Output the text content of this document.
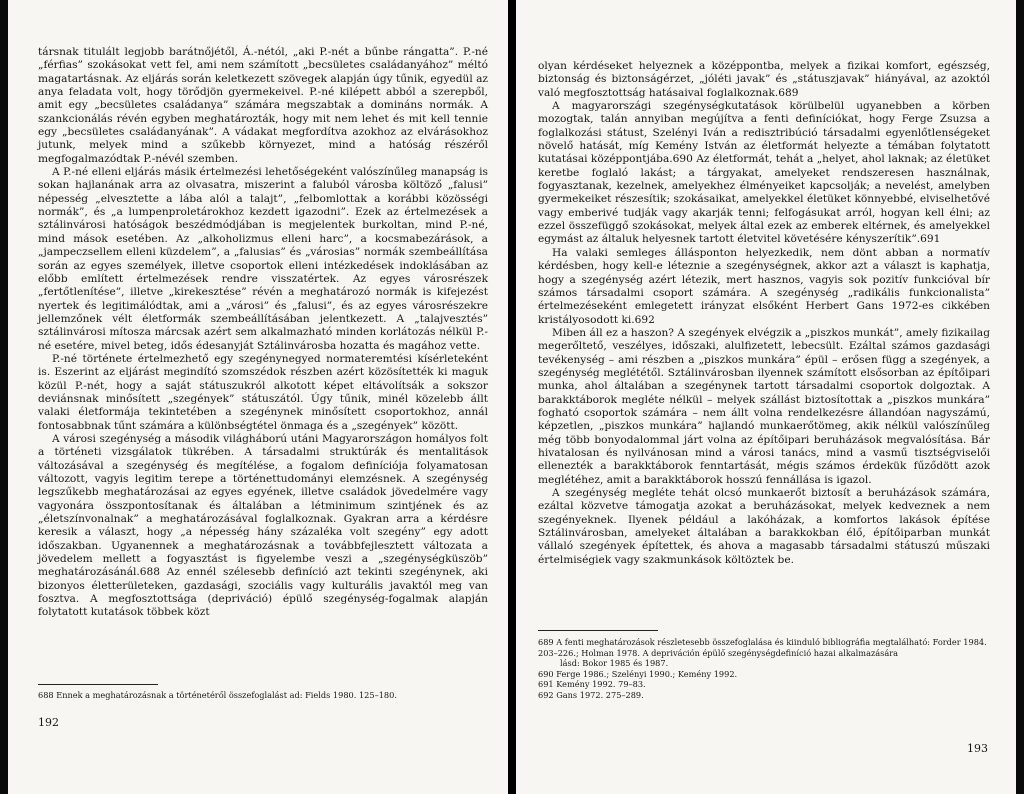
társnak titulált legjobb barátnőjétől, Á.-nétól, „aki P.-nét a bűnbe rángatta”. P.-né „férfias” szokásokat vett fel, ami nem számított „becsületes családanyához” méltó magatartásnak. Az eljárás során keletkezett szövegek alapján úgy tűnik, egyedül az anya feladata volt, hogy törődjön gyermekeivel. P.-né kilépett abból a szerepből, amit egy „becsületes családanya” számára megszabtak a domináns normák. A szankcionálás révén egyben meghatározták, hogy mit nem lehet és mit kell tennie egy „becsületes családanyának”. A vádakat megfordítva azokhoz az elvárásokhoz jutunk, melyek mind a szűkebb környezet, mind a hatóság részéről megfogalmazódtak P.-névél szemben.

A P.-né elleni eljárás másik értelmezési lehetőségeként valószínűleg manapság is sokan hajlanának arra az olvasatra, miszerint a faluból városba költöző „falusi” népesség „elvesztette a lába alól a talajt”, „felbomlottak a korábbi közösségi normák”, és „a lumpenproletárokhoz kezdett igazodni”. Ezek az értelmezések a sztálinvárosi hatóságok beszédmódjában is megjelentek burkoltan, mind P.-né, mind mások esetében. Az „alkoholizmus elleni harc”, a kocsmabezárások, a „jampeczsellem elleni küzdelem”, a „falusias” és „városias” normák szembeállítása során az egyes személyek, illetve csoportok elleni intézkedések indoklásában az előbb említett értelmezések rendre visszatértek. Az egyes városrészek „fertőtlenítése”, illetve „kirekesztése” révén a meghatározó normák is kifejezést nyertek és legitimálódtak, ami a „városi” és „falusi”, és az egyes városrészekre jellemzőnek vélt életformák szembeállításában jelentkezett. A „talajvesztés” sztálinvárosi mítosza márcsak azért sem alkalmazható minden korlátozás nélkül P.-né esetére, mivel beteg, idős édesanyját Sztálinvárosba hozatta és magához vette.

P.-né története értelmezhető egy szegénynegyed normateremtési kísérleteként is. Eszerint az eljárást megindító szomszédok részben azért közösítették ki maguk közül P.-nét, hogy a saját státuszukról alkotott képet eltávolítsák a sokszor deviánsnak minősített „szegények” státuszától. Úgy tűnik, minél közelebb állt valaki életformája tekintetében a szegénynek minősített csoportokhoz, annál fontosabbnak tűnt számára a különbségtétel önmaga és a „szegények” között.

A városi szegénység a második világháború utáni Magyarországon homályos folt a történeti vizsgálatok tükrében. A társadalmi struktúrák és mentalitások változásával a szegénység és megítélése, a fogalom definíciója folyamatosan változott, vagyis legitim terepe a történettudományi elemzésnek. A szegénység legszűkebb meghatározásai az egyes egyének, illetve családok jövedelmére vagy vagyonára összpontosítanak és általában a létminimum szintjének és az „életszínvonalnak” a meghatározásával foglalkoznak. Gyakran arra a kérdésre keresik a választ, hogy „a népesség hány százaléka volt szegény” egy adott időszakban. Ugyanennek a meghatározásnak a továbbfejlesztett változata a jövedelem mellett a fogyasztást is figyelembe veszi a „szegénységküszöb” meghatározásánál.688 Az ennél szélesebb definíció azt tekinti szegénynek, aki bizonyos életterületeken, gazdasági, szociális vagy kulturális javaktól meg van fosztva. A megfosztottsága (depriváció) épülő szegénység-fogalmak alapján folytatott kutatások többek közt

688 Ennek a meghatározásnak a történetéről összefoglalást ad: Fields 1980. 125–180.

192

olyan kérdéseket helyeznek a középpontba, melyek a fizikai komfort, egészség, biztonság és biztonságérzet, „jóléti javak” és „státuszjavak” hiányával, az azoktól való megfosztottság hatásaival foglalkoznak.689

A magyarországi szegénységkutatások körülbelül ugyanebben a körben mozogtak, talán annyiban megújítva a fenti definíciókat, hogy Ferge Zsuzsa a foglalkozási státust, Szelényi Iván a redisztribúció társadalmi egyenlőtlenségeket növelő hatását, míg Kemény István az életformát helyezte a témában folytatott kutatásai középpontjába.690 Az életformát, tehát a „helyet, ahol laknak; az életüket keretbe foglaló lakást; a tárgyakat, amelyeket rendszeresen használnak, fogyasztanak, kezelnek, amelyekhez élményeiket kapcsolják; a nevelést, amelyben gyermekeiket részesítik; szokásaikat, amelyekkel életüket könnyebbé, elviselhetővé vagy emberivé tudják vagy akarják tenni; felfogásukat arról, hogyan kell élni; az ezzel összefüggő szokásokat, melyek által ezek az emberek eltérnek, és amelyekkel egymást az általuk helyesnek tartott életvitel követésére kényszerítik”.691

Ha valaki semleges állásponton helyezkedik, nem dönt abban a normatív kérdésben, hogy kell-e létezniе a szegénységnek, akkor azt a választ is kaphatja, hogy a szegénység azért létezik, mert hasznos, vagyis sok pozitív funkcióval bír számos társadalmi csoport számára. A szegénység „radikális funkcionalista” értelmezéseként emlegetett irányzat elsőként Herbert Gans 1972-es cikkében kristályosodott ki.692

Miben áll ez a haszon? A szegények elvégzik a „piszkos munkát”, amely fizikailag megerőltető, veszélyes, időszaki, alulfizetett, lebecsült. Ezáltal számos gazdasági tevékenység – ami részben a „piszkos munkára” épül – erősen függ a szegények, a szegénység meglététől. Sztálinvárosban ilyennek számított elsősorban az építőipari munka, ahol általában a szegénynek tartott társadalmi csoportok dolgoztak. A barakktáborok meglétе nélkül – melyek szállást biztosítottak a „piszkos munkára” fogható csoportok számára – nem állt volna rendelkezésre állandóan nagyszámú, képzetlen, „piszkos munkára” hajlandó munkaerőtömeg, akik nélkül valószínűleg még több bonyodalommal járt volna az építőipari beruházások megvalósítása. Bár hivatalosan és nyilvánosan mind a városi tanács, mind a vasmű tisztségviselői ellenezték a barakktáborok fenntartását, mégis számos érdekük fűződött azok meglétéhez, amit a barakktáborok hosszú fennállása is igazol.

A szegénység meglétе tehát olcsó munkaerőt biztosít a beruházások számára, ezáltal közvetve támogatja azokat a beruházásokat, melyek kedveznek a nem szegényeknek. Ilyenek például a lakóházak, a komfortos lakások építése Sztálinvárosban, amelyeket általában a barakkokban élő, építőiparban munkát vállaló szegények építettek, és ahova a magasabb társadalmi státuszú műszaki értelmiségiek vagy szakmunkások költöztek be.

689 A fenti meghatározások részletesebb összefoglalása és kiinduló bibliográfia megtalálható: Forder 1984. 203–226.; Holman 1978. A depriváción épülő szegénységdefiníció hazai alkalmazására

lásd: Bokor 1985 és 1987.

690 Ferge 1986.; Szelényi 1990.; Kemény 1992.

691 Kemény 1992. 79–83.

692 Gans 1972. 275–289.

193
